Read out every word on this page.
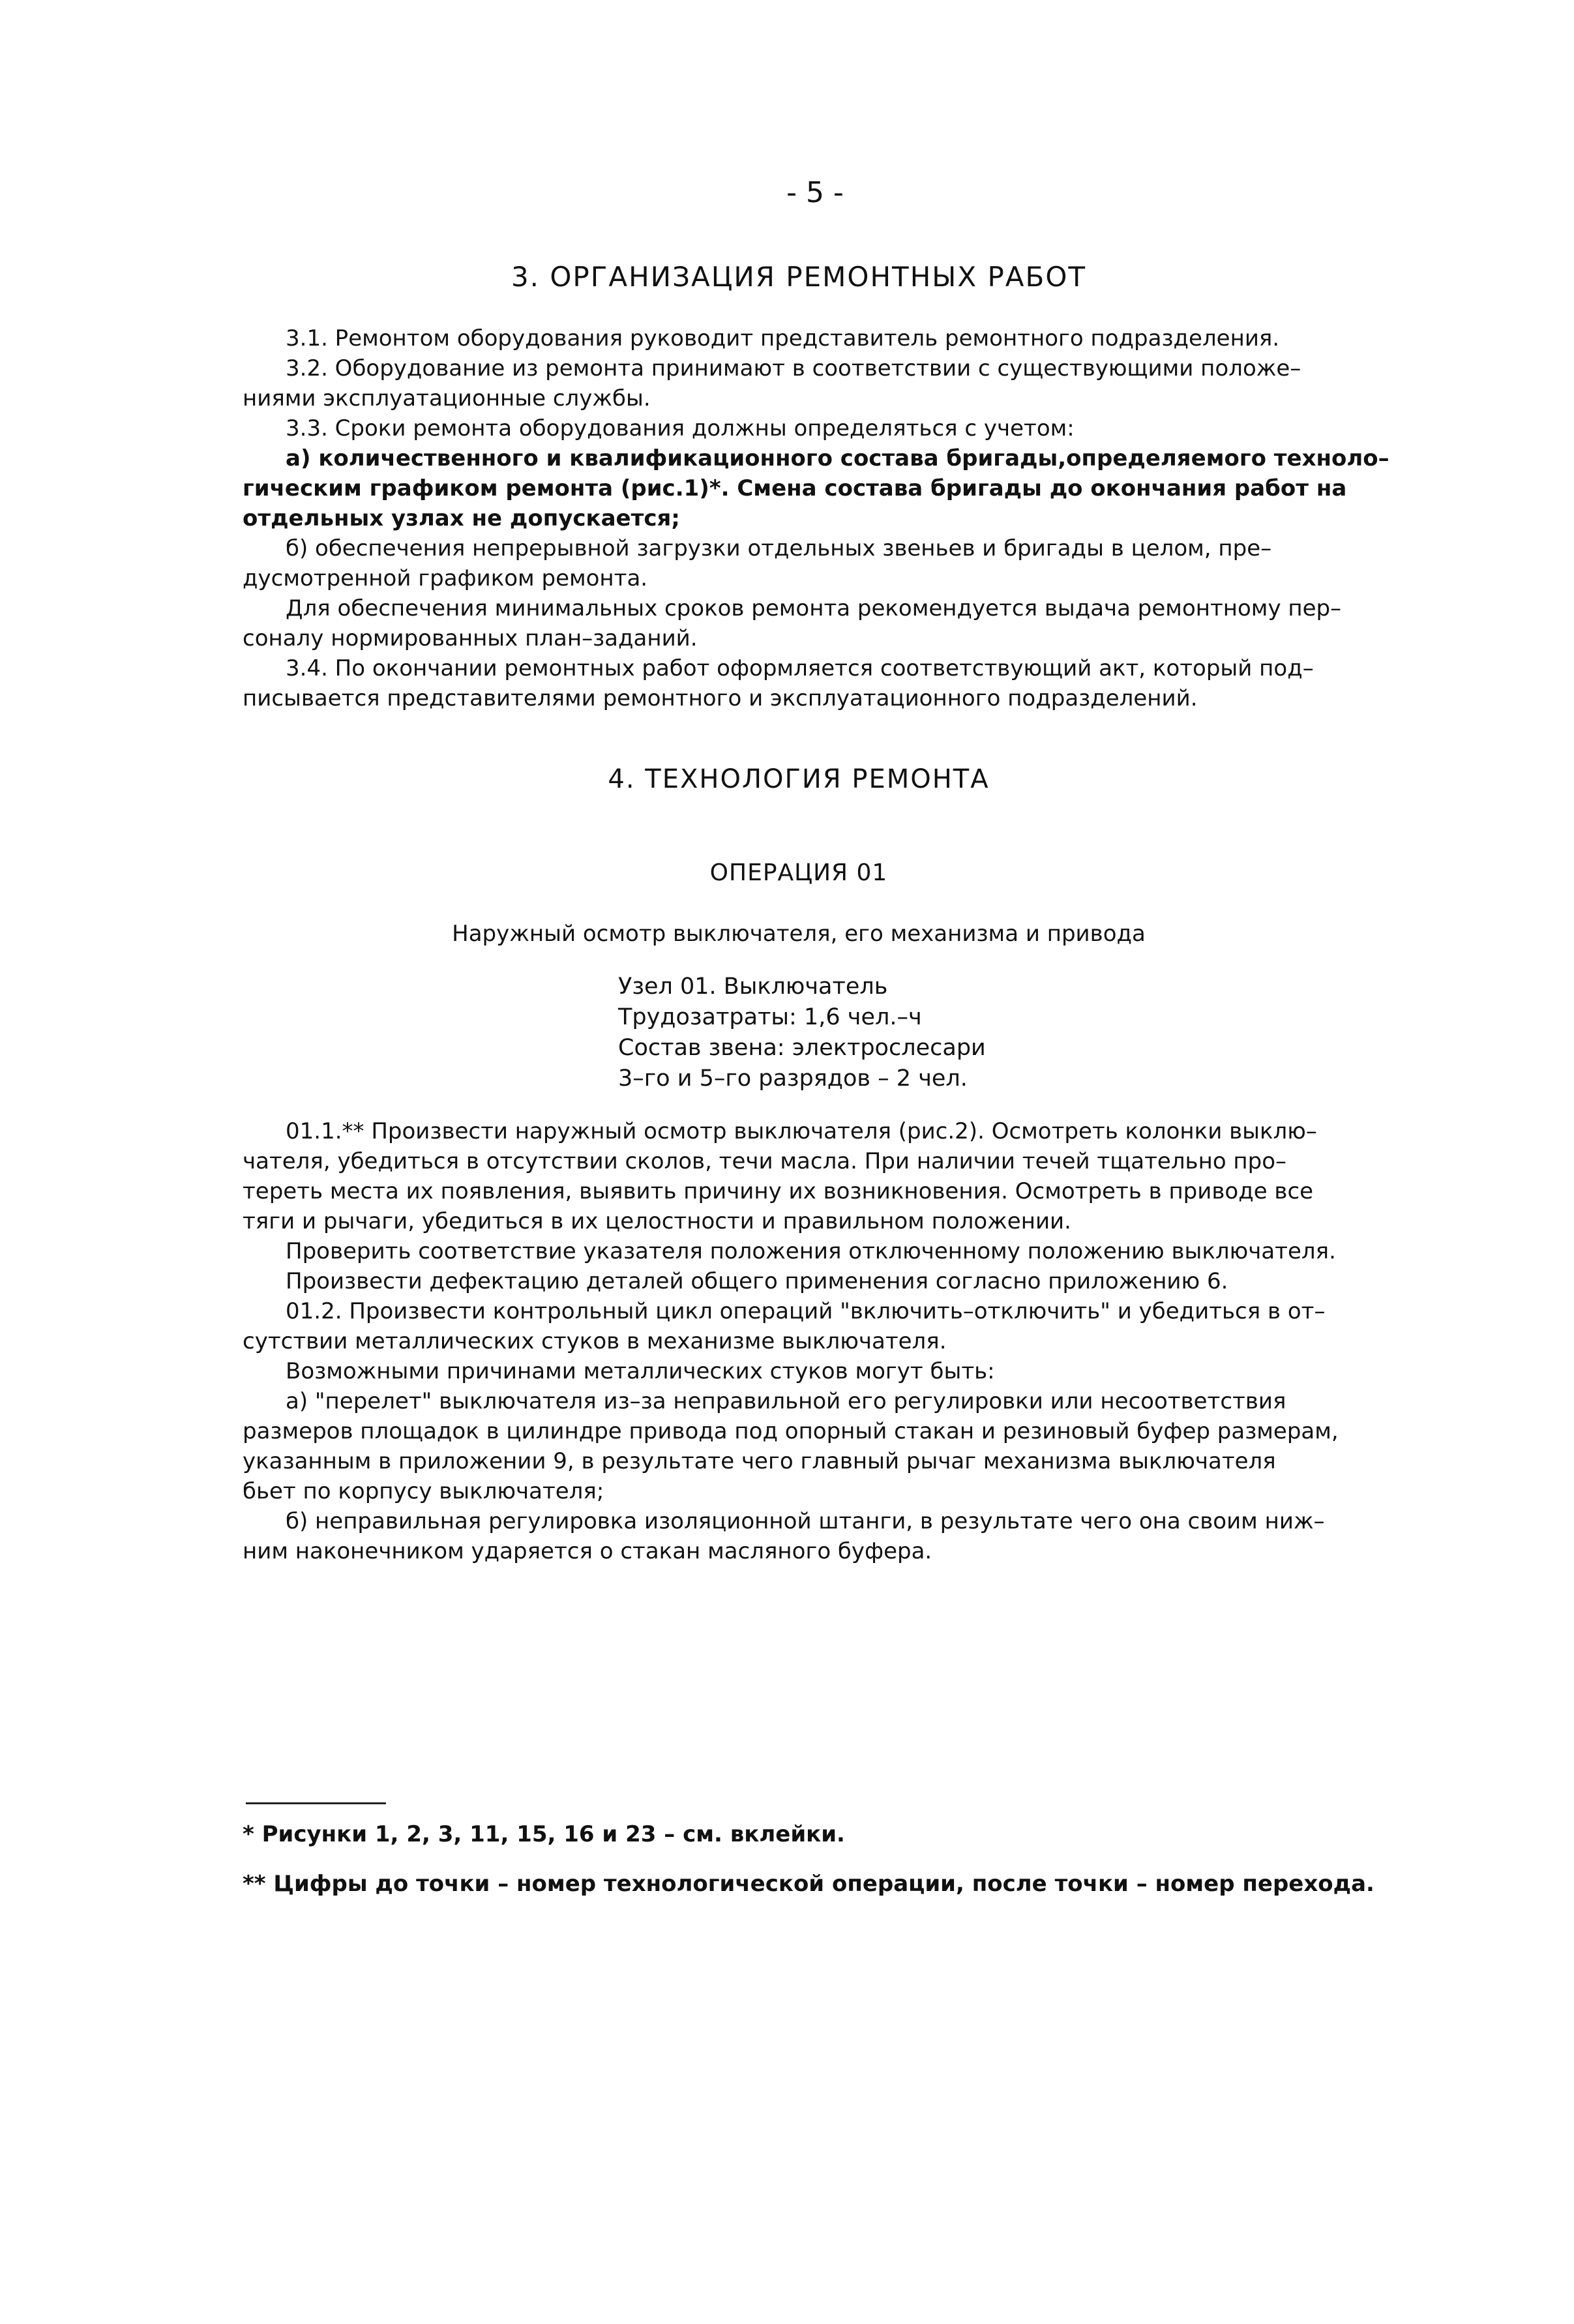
- 5 -
3. ОРГАНИЗАЦИЯ РЕМОНТНЫХ РАБОТ
3.1. Ремонтом оборудования руководит представитель ремонтного подразделения.
3.2. Оборудование из ремонта принимают в соответствии с существующими положе–
ниями эксплуатационные службы.
3.3. Сроки ремонта оборудования должны определяться с учетом:
а) количественного и квалификационного состава бригады,определяемого техноло–
гическим графиком ремонта (рис.1)*. Смена состава бригады до окончания работ на
отдельных узлах не допускается;
б) обеспечения непрерывной загрузки отдельных звеньев и бригады в целом, пре–
дусмотренной графиком ремонта.
Для обеспечения минимальных сроков ремонта рекомендуется выдача ремонтному пер–
соналу нормированных план–заданий.
3.4. По окончании ремонтных работ оформляется соответствующий акт, который под–
писывается представителями ремонтного и эксплуатационного подразделений.
4. ТЕХНОЛОГИЯ РЕМОНТА
ОПЕРАЦИЯ 01
Наружный осмотр выключателя, его механизма и привода
Узел 01. Выключатель
Трудозатраты: 1,6 чел.–ч
Состав звена: электрослесари
3–го и 5–го разрядов – 2 чел.
01.1.** Произвести наружный осмотр выключателя (рис.2). Осмотреть колонки выклю–
чателя, убедиться в отсутствии сколов, течи масла. При наличии течей тщательно про–
тереть места их появления, выявить причину их возникновения. Осмотреть в приводе все
тяги и рычаги, убедиться в их целостности и правильном положении.
Проверить соответствие указателя положения отключенному положению выключателя.
Произвести дефектацию деталей общего применения согласно приложению 6.
01.2. Произвести контрольный цикл операций "включить–отключить" и убедиться в от–
сутствии металлических стуков в механизме выключателя.
Возможными причинами металлических стуков могут быть:
а) "перелет" выключателя из–за неправильной его регулировки или несоответствия
размеров площадок в цилиндре привода под опорный стакан и резиновый буфер размерам,
указанным в приложении 9, в результате чего главный рычаг механизма выключателя
бьет по корпусу выключателя;
б) неправильная регулировка изоляционной штанги, в результате чего она своим ниж–
ним наконечником ударяется о стакан масляного буфера.
* Рисунки 1, 2, 3, 11, 15, 16 и 23 – см. вклейки.
** Цифры до точки – номер технологической операции, после точки – номер перехода.
